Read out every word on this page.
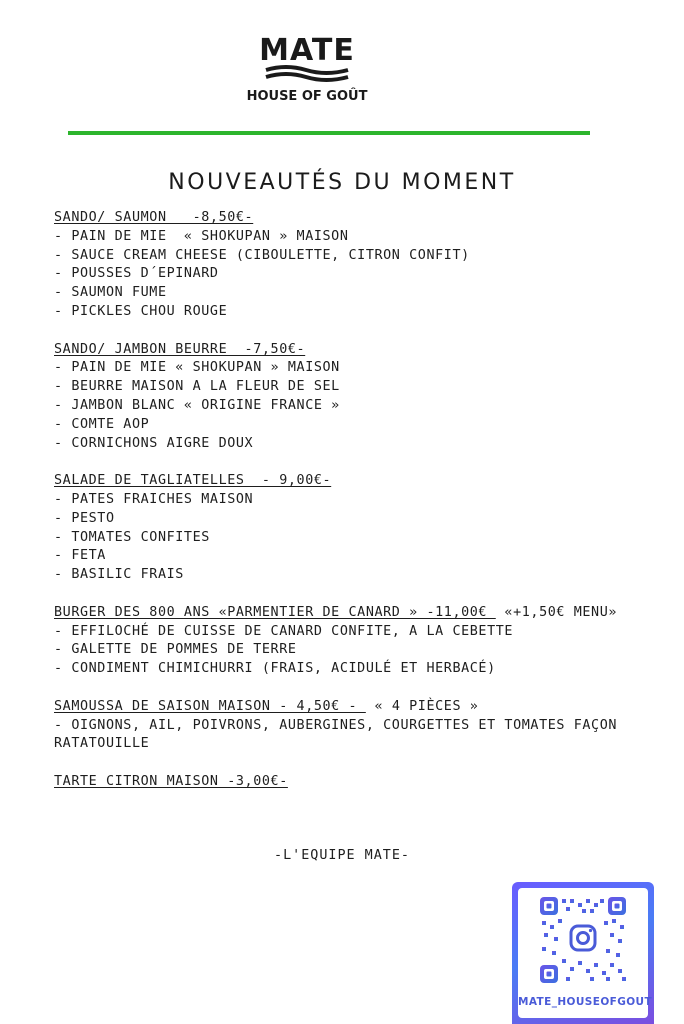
MATE
HOUSE OF GOÛT
NOUVEAUTÉS DU MOMENT
SANDO/ SAUMON   -8,50€-
- PAIN DE MIE  « SHOKUPAN » MAISON
- SAUCE CREAM CHEESE (CIBOULETTE, CITRON CONFIT)
- POUSSES D´EPINARD
- SAUMON FUME
- PICKLES CHOU ROUGE
SANDO/ JAMBON BEURRE  -7,50€-
- PAIN DE MIE « SHOKUPAN » MAISON
- BEURRE MAISON A LA FLEUR DE SEL
- JAMBON BLANC « ORIGINE FRANCE »
- COMTE AOP
- CORNICHONS AIGRE DOUX
SALADE DE TAGLIATELLES  - 9,00€-
- PATES FRAICHES MAISON
- PESTO
- TOMATES CONFITES
- FETA
- BASILIC FRAIS
BURGER DES 800 ANS «PARMENTIER DE CANARD » -11,00€  «+1,50€ MENU»
- EFFILOCHÉ DE CUISSE DE CANARD CONFITE, A LA CEBETTE
- GALETTE DE POMMES DE TERRE
- CONDIMENT CHIMICHURRI (FRAIS, ACIDULÉ ET HERBACÉ)
SAMOUSSA DE SAISON MAISON - 4,50€ -  « 4 PIÈCES »
- OIGNONS, AIL, POIVRONS, AUBERGINES, COURGETTES ET TOMATES FAÇON RATATOUILLE
TARTE CITRON MAISON -3,00€-
-L'EQUIPE MATE-
MATE_HOUSEOFGOUT
